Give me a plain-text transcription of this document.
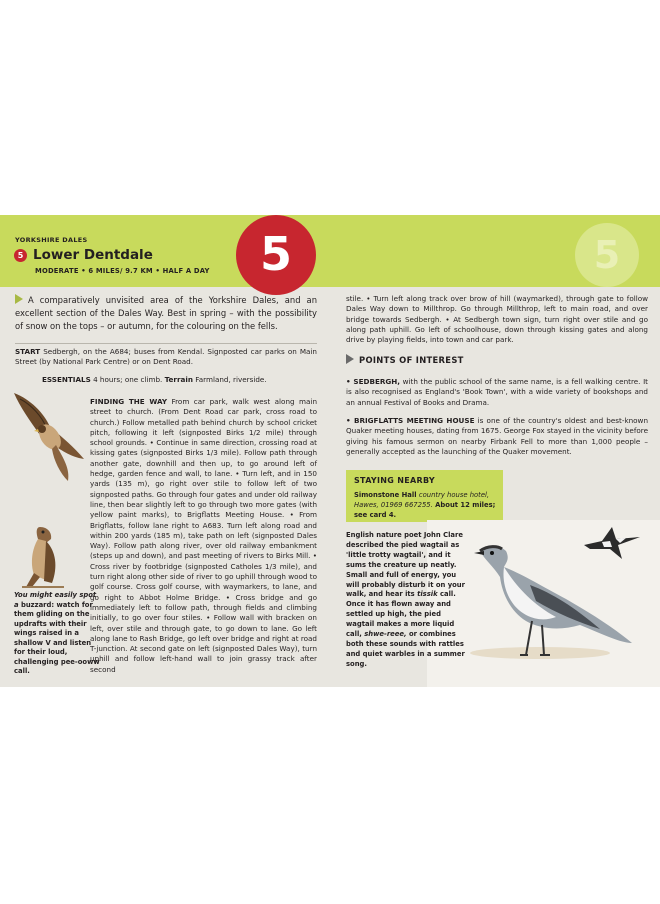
5
5
YORKSHIRE DALES
5 Lower Dentdale
MODERATE • 6 MILES/ 9.7 KM • HALF A DAY
A comparatively unvisited area of the Yorkshire Dales, and an excellent section of the Dales Way. Best in spring – with the possibility of snow on the tops – or autumn, for the colouring on the fells.
START Sedbergh, on the A684; buses from Kendal. Signposted car parks on Main Street (by National Park Centre) or on Dent Road.
ESSENTIALS 4 hours; one climb. Terrain Farmland, riverside.
FINDING THE WAY From car park, walk west along main street to church. (From Dent Road car park, cross road to church.) Follow metalled path behind church by school cricket pitch, following it left (signposted Birks 1/2 mile) through school grounds. • Continue in same direction, crossing road at kissing gates (signposted Birks 1/3 mile). Follow path through another gate, downhill and then up, to go around left of hedge, garden fence and wall, to lane. • Turn left, and in 150 yards (135 m), go right over stile to follow left of two signposted paths. Go through four gates and under old railway line, then bear slightly left to go through two more gates (with yellow paint marks), to Brigflatts Meeting House. • From Brigflatts, follow lane right to A683. Turn left along road and within 200 yards (185 m), take path on left (signposted Dales Way). Follow path along river, over old railway embankment (steps up and down), and past meeting of rivers to Birks Mill. • Cross river by footbridge (signposted Catholes 1/3 mile), and turn right along other side of river to go uphill through wood to golf course. Cross golf course, with waymarkers, to lane, and go right to Abbot Holme Bridge. • Cross bridge and go immediately left to follow path, through fields and climbing initially, to go over four stiles. • Follow wall with bracken on left, over stile and through gate, to go down to lane. Go left along lane to Rash Bridge, go left over bridge and right at road T-junction. At second gate on left (signposted Dales Way), turn uphill and follow left-hand wall to join grassy track after second
You might easily spot a buzzard: watch for them gliding on the updrafts with their wings raised in a shallow V and listen for their loud, challenging pee-ooww call.
stile. • Turn left along track over brow of hill (waymarked), through gate to follow Dales Way down to Millthrop. Go through Millthrop, left to main road, and over bridge towards Sedbergh. • At Sedbergh town sign, turn right over stile and go along path uphill. Go left of schoolhouse, down through kissing gates and along drive by playing fields, into town and car park.
POINTS OF INTEREST
• SEDBERGH, with the public school of the same name, is a fell walking centre. It is also recognised as England's 'Book Town', with a wide variety of bookshops and an annual Festival of Books and Drama.
• BRIGFLATTS MEETING HOUSE is one of the country's oldest and best-known Quaker meeting houses, dating from 1675. George Fox stayed in the vicinity before giving his famous sermon on nearby Firbank Fell to more than 1,000 people – generally accepted as the launching of the Quaker movement.
STAYING NEARBY
Simonstone Hall country house hotel, Hawes, 01969 667255. About 12 miles; see card 4.
English nature poet John Clare described the pied wagtail as 'little trotty wagtail', and it sums the creature up neatly. Small and full of energy, you will probably disturb it on your walk, and hear its tissik call. Once it has flown away and settled up high, the pied wagtail makes a more liquid call, shwe-reee, or combines both these sounds with rattles and quiet warbles in a summer song.
